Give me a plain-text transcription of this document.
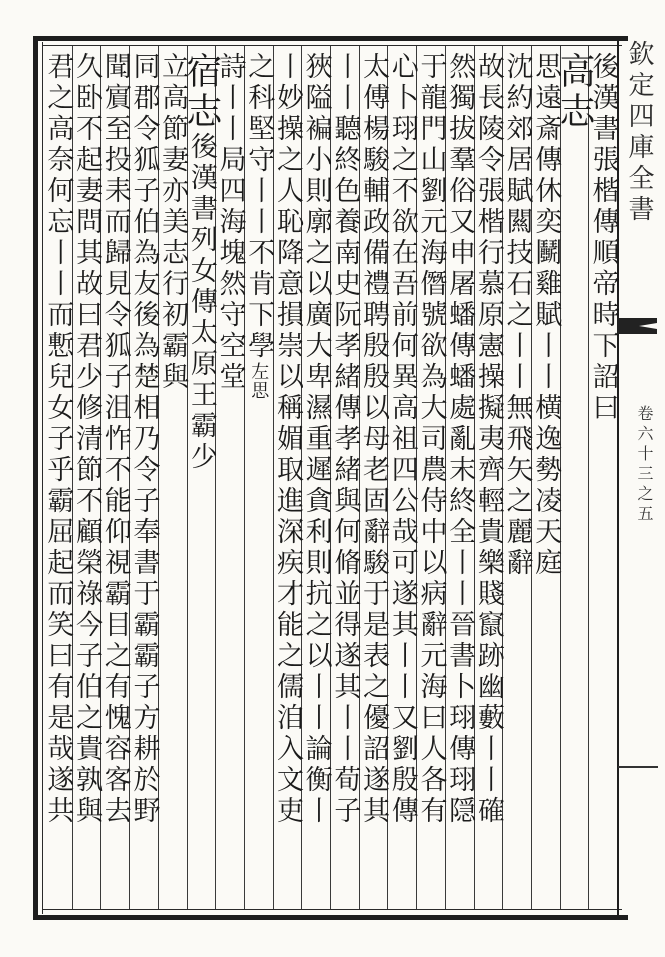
欽定四庫全書
卷六十三之五
後漢書張楷傳順帝時下詔曰
高志
思遠斎傳休奕鬭雞賦丨丨横逸勢凌天庭
沈約郊居賦闗技石之丨丨無飛矢之麗辭
故長陵令張楷行慕原憲操擬夷齊輕貴樂賤竄跡幽藪丨丨確
然獨拔羣俗又申屠蟠傳蟠處亂末終全丨丨晉書卜珝傳珝隠
于龍門山劉元海僭號欲為大司農侍中以病辭元海曰人各有
心卜珝之不欲在吾前何異高祖四公哉可遂其丨丨又劉殷傳
太傅楊駿輔政備禮聘殷殷以母老固辭駿于是表之優詔遂其
丨丨聽終色養南史阮孝緒傳孝緒與何脩並得遂其丨丨荀子
狹隘褊小則廓之以廣大卑濕重遲貪利則抗之以丨丨論衡丨
丨妙操之人恥降意損崇以稱媚取進深疾才能之儒洎入文吏
之科堅守丨丨不肯下學左思
詩丨丨局四海塊然守空堂
宿志後漢書列女傳太原王霸少
立高節妻亦美志行初霸與
同郡令狐子伯為友後為楚相乃令子奉書于霸霸子方耕於野
聞賔至投耒而歸見令狐子沮怍不能仰視霸目之有愧容客去
久卧不起妻問其故曰君少修清節不顧榮祿今子伯之貴孰與
君之高奈何忘丨丨而慙兒女子乎霸屈起而笑曰有是哉遂共
